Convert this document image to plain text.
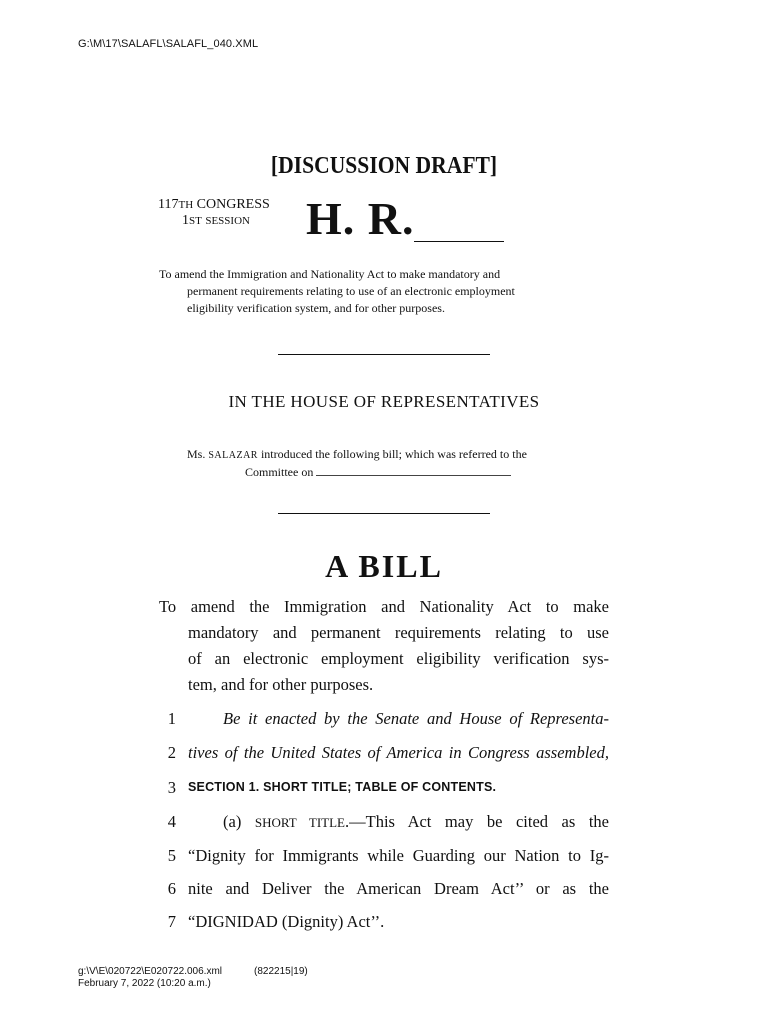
G:\M\17\SALAFL\SALAFL_040.XML
[DISCUSSION DRAFT]
117TH CONGRESS
1ST SESSION H. R.
To amend the Immigration and Nationality Act to make mandatory and
permanent requirements relating to use of an electronic employment
eligibility verification system, and for other purposes.
IN THE HOUSE OF REPRESENTATIVES
Ms. SALAZAR introduced the following bill; which was referred to the
Committee on
A BILL
To amend the Immigration and Nationality Act to make
mandatory and permanent requirements relating to use
of an electronic employment eligibility verification sys-
tem, and for other purposes.
1	Be it enacted by the Senate and House of Representa-
2 tives of the United States of America in Congress assembled,
3 SECTION 1. SHORT TITLE; TABLE OF CONTENTS.
4	(a) SHORT TITLE.—This Act may be cited as the
5 “Dignity for Immigrants while Guarding our Nation to Ig-
6 nite and Deliver the American Dream Act’’ or as the
7 “DIGNIDAD (Dignity) Act’’.
g:\V\E\020722\E020722.006.xml	(822215|19)
February 7, 2022 (10:20 a.m.)
